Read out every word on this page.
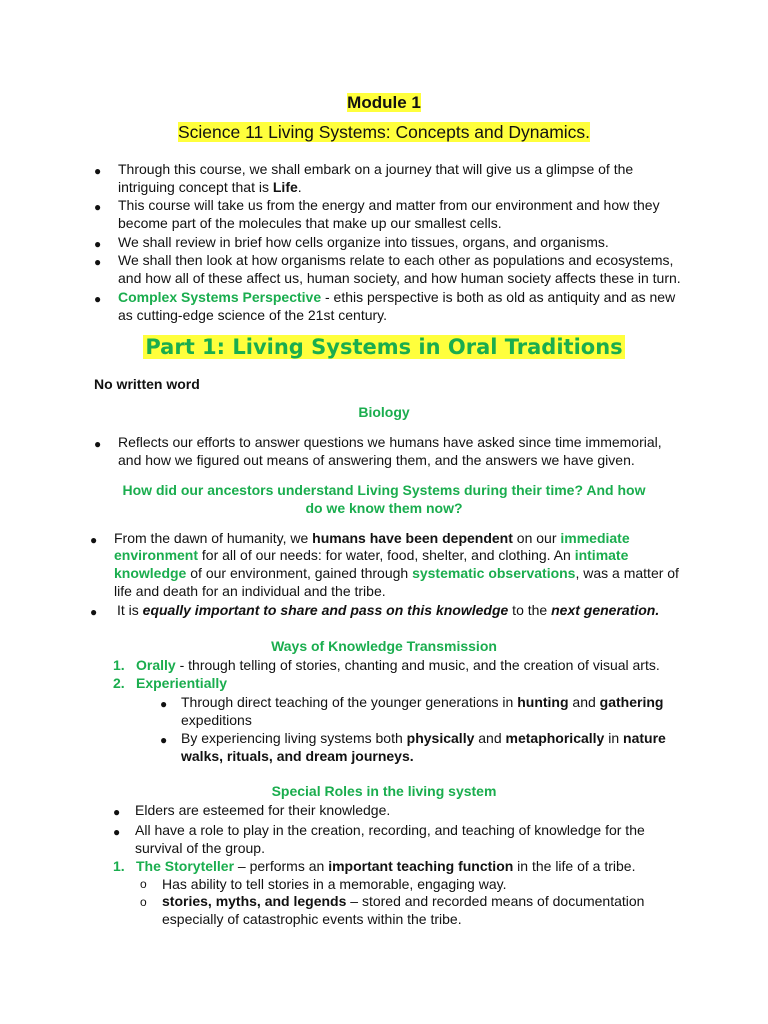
Module 1
Science 11 Living Systems: Concepts and Dynamics.
● Through this course, we shall embark on a journey that will give us a glimpse of the
intriguing concept that is Life.
● This course will take us from the energy and matter from our environment and how they
become part of the molecules that make up our smallest cells.
● We shall review in brief how cells organize into tissues, organs, and organisms.
● We shall then look at how organisms relate to each other as populations and ecosystems,
and how all of these affect us, human society, and how human society affects these in turn.
● Complex Systems Perspective - ethis perspective is both as old as antiquity and as new
as cutting-edge science of the 21st century.
Part 1: Living Systems in Oral Traditions
No written word
Biology
● Reflects our efforts to answer questions we humans have asked since time immemorial,
and how we figured out means of answering them, and the answers we have given.
How did our ancestors understand Living Systems during their time? And how
do we know them now?
● From the dawn of humanity, we humans have been dependent on our immediate
environment for all of our needs: for water, food, shelter, and clothing. An intimate
knowledge of our environment, gained through systematic observations, was a matter of
life and death for an individual and the tribe.
● It is equally important to share and pass on this knowledge to the next generation.
Ways of Knowledge Transmission
1. Orally - through telling of stories, chanting and music, and the creation of visual arts.
2. Experientially
● Through direct teaching of the younger generations in hunting and gathering
expeditions
● By experiencing living systems both physically and metaphorically in nature
walks, rituals, and dream journeys.
Special Roles in the living system
● Elders are esteemed for their knowledge.
● All have a role to play in the creation, recording, and teaching of knowledge for the
survival of the group.
1. The Storyteller – performs an important teaching function in the life of a tribe.
o Has ability to tell stories in a memorable, engaging way.
o stories, myths, and legends – stored and recorded means of documentation
especially of catastrophic events within the tribe.
